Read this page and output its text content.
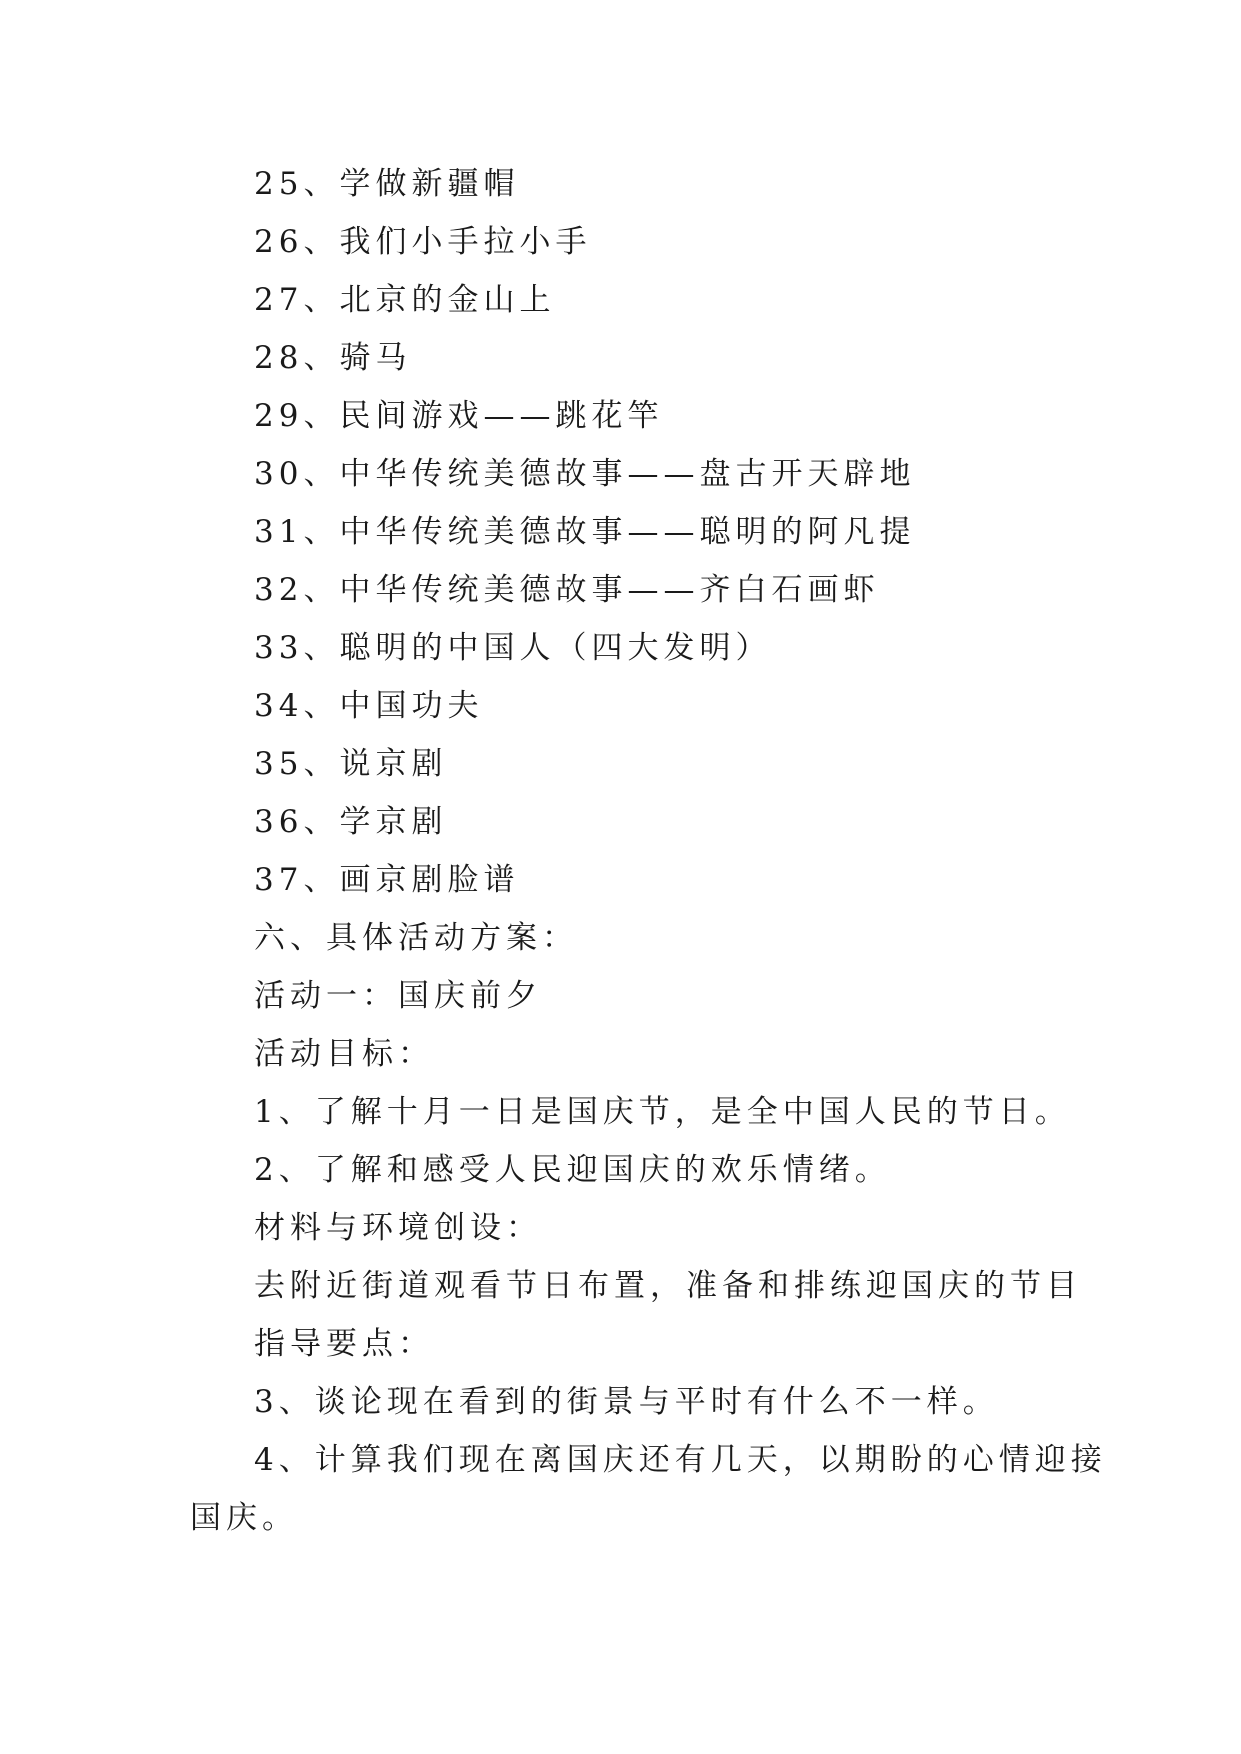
25、学做新疆帽
26、我们小手拉小手
27、北京的金山上
28、骑马
29、民间游戏——跳花竿
30、中华传统美德故事——盘古开天辟地
31、中华传统美德故事——聪明的阿凡提
32、中华传统美德故事——齐白石画虾
33、聪明的中国人（四大发明）
34、中国功夫
35、说京剧
36、学京剧
37、画京剧脸谱
六、具体活动方案：
活动一：国庆前夕
活动目标：
1、了解十月一日是国庆节，是全中国人民的节日。
2、了解和感受人民迎国庆的欢乐情绪。
材料与环境创设：
去附近街道观看节日布置，准备和排练迎国庆的节目
指导要点：
3、谈论现在看到的街景与平时有什么不一样。
4、计算我们现在离国庆还有几天，以期盼的心情迎接
国庆。
